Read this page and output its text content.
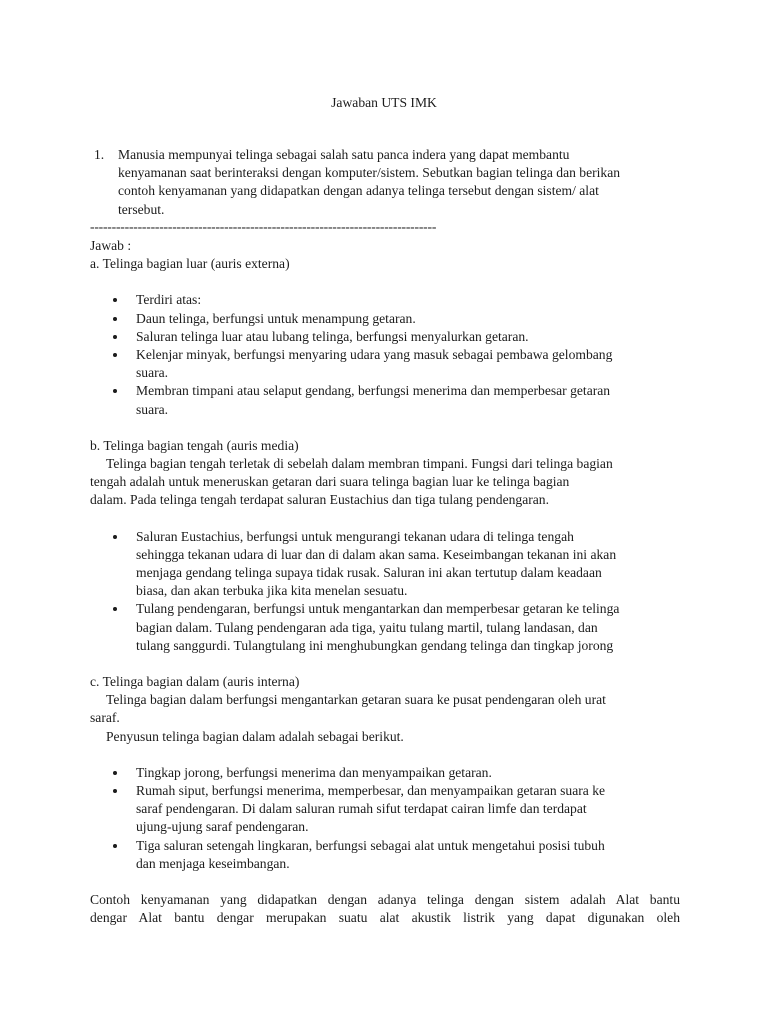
Jawaban UTS IMK
1. Manusia mempunyai telinga sebagai salah satu panca indera yang dapat membantu
kenyamanan saat berinteraksi dengan komputer/sistem. Sebutkan bagian telinga dan berikan
contoh kenyamanan yang didapatkan dengan adanya telinga tersebut dengan sistem/ alat
tersebut.
--------------------------------------------------------------------------------
Jawab :
a. Telinga bagian luar (auris externa)
Terdiri atas:
Daun telinga, berfungsi untuk menampung getaran.
Saluran telinga luar atau lubang telinga, berfungsi menyalurkan getaran.
Kelenjar minyak, berfungsi menyaring udara yang masuk sebagai pembawa gelombang
suara.
Membran timpani atau selaput gendang, berfungsi menerima dan memperbesar getaran
suara.
b. Telinga bagian tengah (auris media)
Telinga bagian tengah terletak di sebelah dalam membran timpani. Fungsi dari telinga bagian
tengah adalah untuk meneruskan getaran dari suara telinga bagian luar ke telinga bagian
dalam. Pada telinga tengah terdapat saluran Eustachius dan tiga tulang pendengaran.
Saluran Eustachius, berfungsi untuk mengurangi tekanan udara di telinga tengah
sehingga tekanan udara di luar dan di dalam akan sama. Keseimbangan tekanan ini akan
menjaga gendang telinga supaya tidak rusak. Saluran ini akan tertutup dalam keadaan
biasa, dan akan terbuka jika kita menelan sesuatu.
Tulang pendengaran, berfungsi untuk mengantarkan dan memperbesar getaran ke telinga
bagian dalam. Tulang pendengaran ada tiga, yaitu tulang martil, tulang landasan, dan
tulang sanggurdi. Tulangtulang ini menghubungkan gendang telinga dan tingkap jorong
c. Telinga bagian dalam (auris interna)
Telinga bagian dalam berfungsi mengantarkan getaran suara ke pusat pendengaran oleh urat
saraf.
Penyusun telinga bagian dalam adalah sebagai berikut.
Tingkap jorong, berfungsi menerima dan menyampaikan getaran.
Rumah siput, berfungsi menerima, memperbesar, dan menyampaikan getaran suara ke
saraf pendengaran. Di dalam saluran rumah sifut terdapat cairan limfe dan terdapat
ujung-ujung saraf pendengaran.
Tiga saluran setengah lingkaran, berfungsi sebagai alat untuk mengetahui posisi tubuh
dan menjaga keseimbangan.
Contoh kenyamanan yang didapatkan dengan adanya telinga dengan sistem adalah Alat bantu
dengar Alat bantu dengar merupakan suatu alat akustik listrik yang dapat digunakan oleh
